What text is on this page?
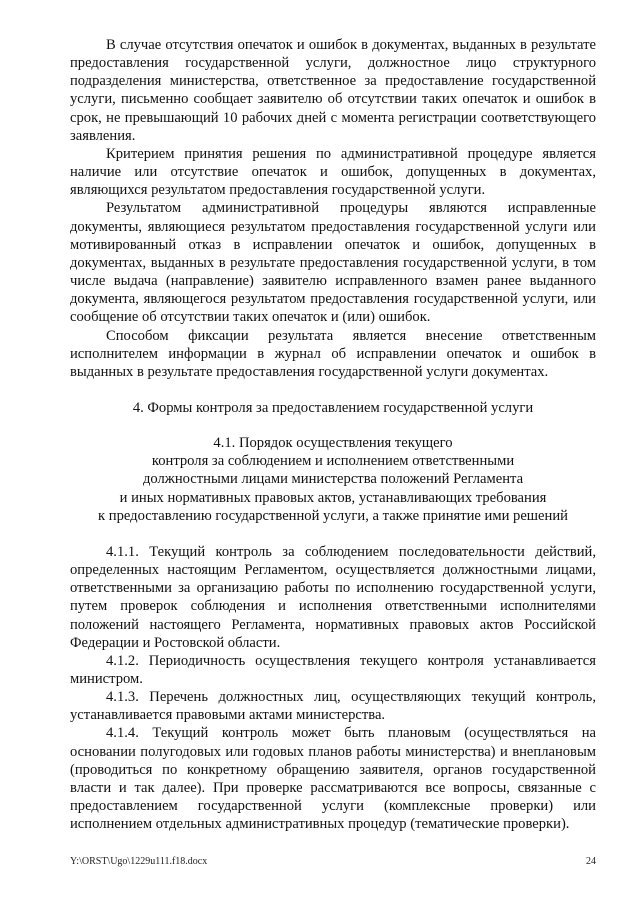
В случае отсутствия опечаток и ошибок в документах, выданных в результате предоставления государственной услуги, должностное лицо структурного подразделения министерства, ответственное за предоставление государственной услуги, письменно сообщает заявителю об отсутствии таких опечаток и ошибок в срок, не превышающий 10 рабочих дней с момента регистрации соответствующего заявления.

Критерием принятия решения по административной процедуре является наличие или отсутствие опечаток и ошибок, допущенных в документах, являющихся результатом предоставления государственной услуги.

Результатом административной процедуры являются исправленные документы, являющиеся результатом предоставления государственной услуги или мотивированный отказ в исправлении опечаток и ошибок, допущенных в документах, выданных в результате предоставления государственной услуги, в том числе выдача (направление) заявителю исправленного взамен ранее выданного документа, являющегося результатом предоставления государственной услуги, или сообщение об отсутствии таких опечаток и (или) ошибок.

Способом фиксации результата является внесение ответственным исполнителем информации в журнал об исправлении опечаток и ошибок в выданных в результате предоставления государственной услуги документах.

4. Формы контроля за предоставлением государственной услуги

4.1. Порядок осуществления текущего
контроля за соблюдением и исполнением ответственными
должностными лицами министерства положений Регламента
и иных нормативных правовых актов, устанавливающих требования
к предоставлению государственной услуги, а также принятие ими решений

4.1.1. Текущий контроль за соблюдением последовательности действий, определенных настоящим Регламентом, осуществляется должностными лицами, ответственными за организацию работы по исполнению государственной услуги, путем проверок соблюдения и исполнения ответственными исполнителями положений настоящего Регламента, нормативных правовых актов Российской Федерации и Ростовской области.

4.1.2. Периодичность осуществления текущего контроля устанавливается министром.

4.1.3. Перечень должностных лиц, осуществляющих текущий контроль, устанавливается правовыми актами министерства.

4.1.4. Текущий контроль может быть плановым (осуществляться на основании полугодовых или годовых планов работы министерства) и внеплановым (проводиться по конкретному обращению заявителя, органов государственной власти и так далее). При проверке рассматриваются все вопросы, связанные с предоставлением государственной услуги (комплексные проверки) или исполнением отдельных административных процедур (тематические проверки).

Y:\ORST\Ugo\1229u111.f18.docx	24
